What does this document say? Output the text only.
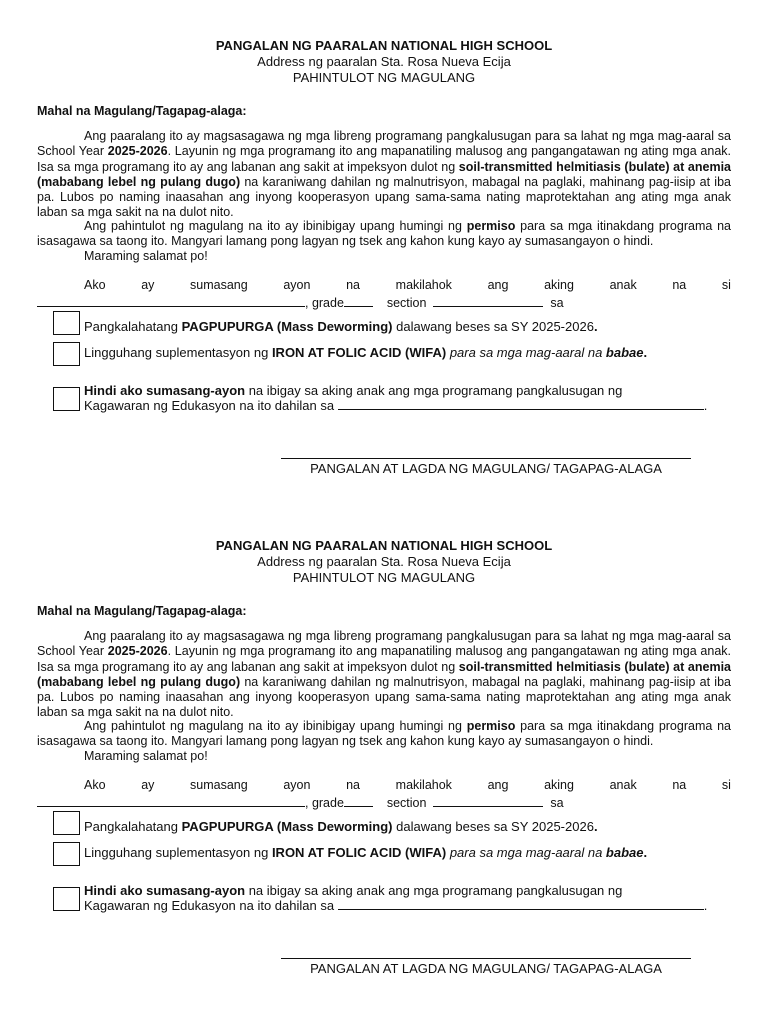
PANGALAN NG PAARALAN NATIONAL HIGH SCHOOL
Address ng paaralan Sta. Rosa Nueva Ecija
PAHINTULOT NG MAGULANG
Mahal na Magulang/Tagapag-alaga:

Ang paaralang ito ay magsasagawa ng mga libreng programang pangkalusugan para sa lahat ng mga mag-aaral sa School Year 2025-2026. Layunin ng mga programang ito ang mapanatiling malusog ang pangangatawan ng ating mga anak. Isa sa mga programang ito ay ang labanan ang sakit at impeksyon dulot ng soil-transmitted helmitiasis (bulate) at anemia (mababang lebel ng pulang dugo) na karaniwang dahilan ng malnutrisyon, mabagal na paglaki, mahinang pag-iisip at iba pa. Lubos po naming inaasahan ang inyong kooperasyon upang sama-sama nating maprotektahan ang ating mga anak laban sa mga sakit na na dulot nito.

Ang pahintulot ng magulang na ito ay ibinibigay upang humingi ng permiso para sa mga itinakdang programa na isasagawa sa taong ito. Mangyari lamang pong lagyan ng tsek ang kahon kung kayo ay sumasangayon o hindi.

Maraming salamat po!
Ako	ay	sumasang	ayon	na	makilahok	ang	aking	anak	na	si
, grade	section	sa
Pangkalahatang PAGPUPURGA (Mass Deworming) dalawang beses sa SY 2025-2026.
Lingguhang suplementasyon ng IRON AT FOLIC ACID (WIFA) para sa mga mag-aaral na babae.
Hindi ako sumasang-ayon na ibigay sa aking anak ang mga programang pangkalusugan ng
Kagawaran ng Edukasyon na ito dahilan sa	.
PANGALAN AT LAGDA NG MAGULANG/ TAGAPAG-ALAGA
PANGALAN NG PAARALAN NATIONAL HIGH SCHOOL
Address ng paaralan Sta. Rosa Nueva Ecija
PAHINTULOT NG MAGULANG
Mahal na Magulang/Tagapag-alaga:

Ang paaralang ito ay magsasagawa ng mga libreng programang pangkalusugan para sa lahat ng mga mag-aaral sa School Year 2025-2026. Layunin ng mga programang ito ang mapanatiling malusog ang pangangatawan ng ating mga anak. Isa sa mga programang ito ay ang labanan ang sakit at impeksyon dulot ng soil-transmitted helmitiasis (bulate) at anemia (mababang lebel ng pulang dugo) na karaniwang dahilan ng malnutrisyon, mabagal na paglaki, mahinang pag-iisip at iba pa. Lubos po naming inaasahan ang inyong kooperasyon upang sama-sama nating maprotektahan ang ating mga anak laban sa mga sakit na na dulot nito.

Ang pahintulot ng magulang na ito ay ibinibigay upang humingi ng permiso para sa mga itinakdang programa na isasagawa sa taong ito. Mangyari lamang pong lagyan ng tsek ang kahon kung kayo ay sumasangayon o hindi.

Maraming salamat po!
Ako	ay	sumasang	ayon	na	makilahok	ang	aking	anak	na	si
, grade	section	sa
Pangkalahatang PAGPUPURGA (Mass Deworming) dalawang beses sa SY 2025-2026.
Lingguhang suplementasyon ng IRON AT FOLIC ACID (WIFA) para sa mga mag-aaral na babae.
Hindi ako sumasang-ayon na ibigay sa aking anak ang mga programang pangkalusugan ng
Kagawaran ng Edukasyon na ito dahilan sa	.
PANGALAN AT LAGDA NG MAGULANG/ TAGAPAG-ALAGA
